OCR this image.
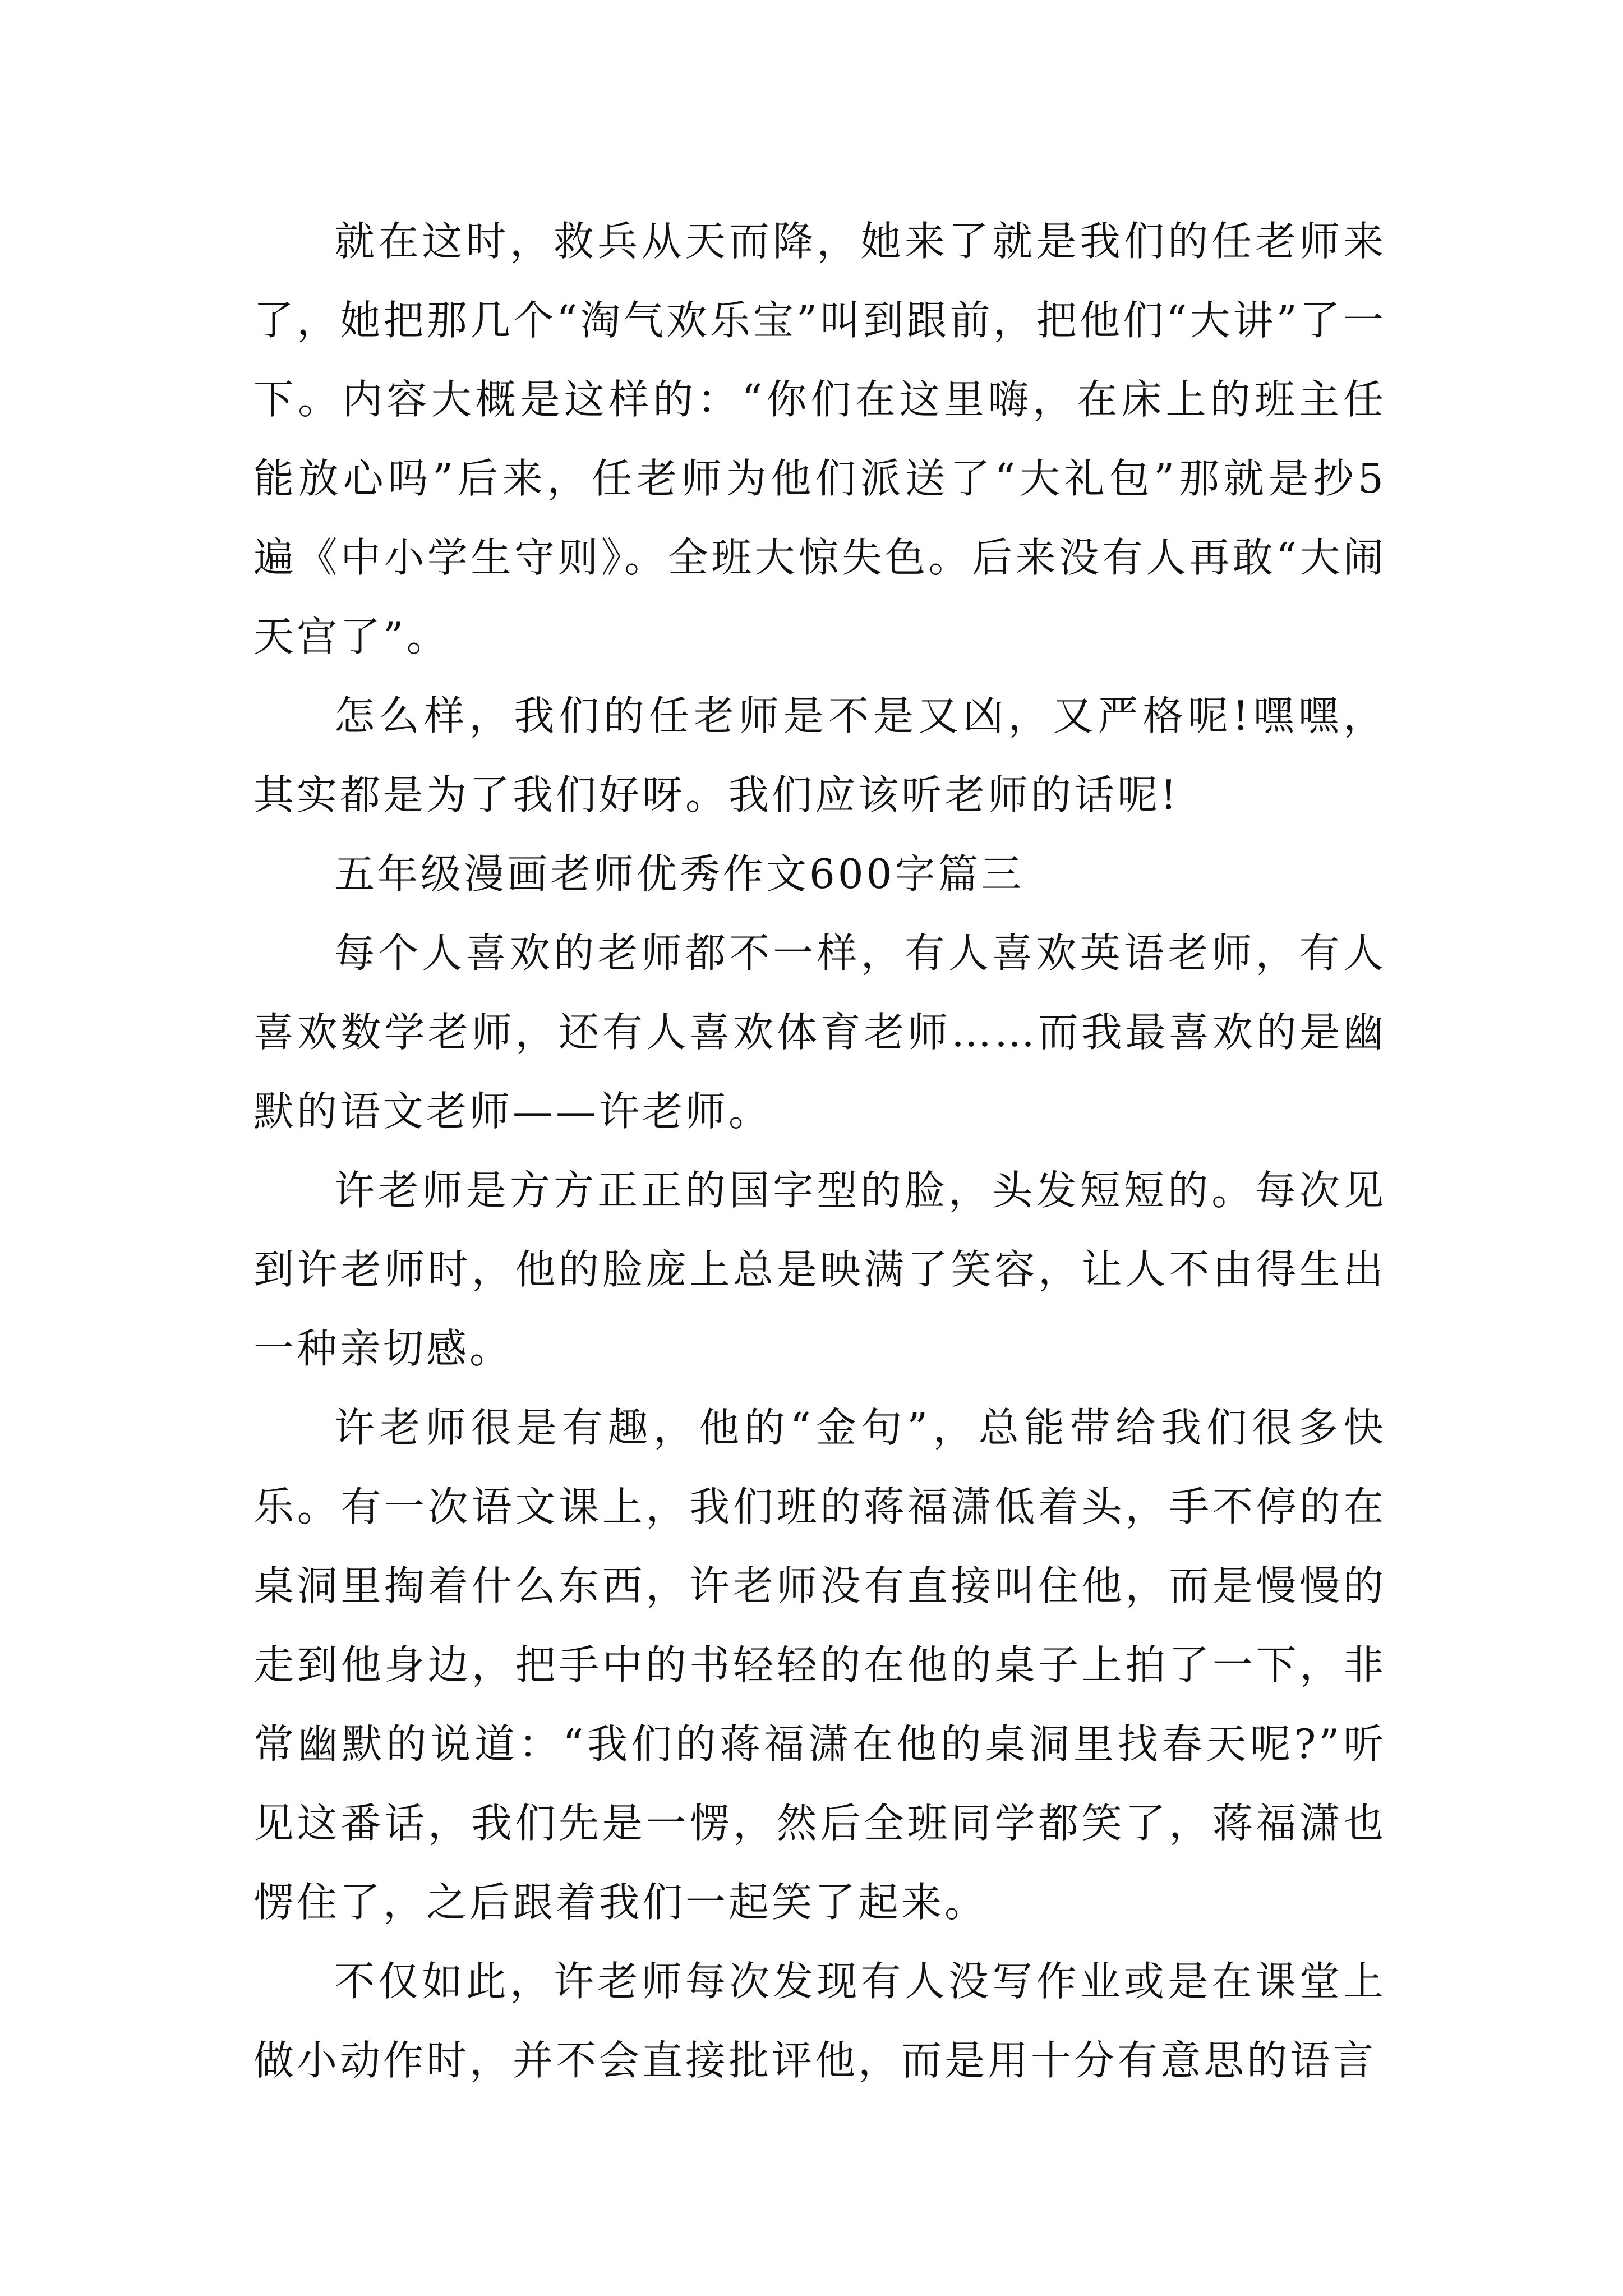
就在这时，救兵从天而降，她来了就是我们的任老师来了，她把那几个“淘气欢乐宝”叫到跟前，把他们“大讲”了一下。内容大概是这样的：“你们在这里嗨，在床上的班主任能放心吗”后来，任老师为他们派送了“大礼包”那就是抄5遍《中小学生守则》。全班大惊失色。后来没有人再敢“大闹天宫了”。

怎么样，我们的任老师是不是又凶，又严格呢!嘿嘿，其实都是为了我们好呀。我们应该听老师的话呢!

五年级漫画老师优秀作文600字篇三

每个人喜欢的老师都不一样，有人喜欢英语老师，有人喜欢数学老师，还有人喜欢体育老师……而我最喜欢的是幽默的语文老师——许老师。

许老师是方方正正的国字型的脸，头发短短的。每次见到许老师时，他的脸庞上总是映满了笑容，让人不由得生出一种亲切感。

许老师很是有趣，他的“金句”，总能带给我们很多快乐。有一次语文课上，我们班的蒋福潇低着头，手不停的在桌洞里掏着什么东西，许老师没有直接叫住他，而是慢慢的走到他身边，把手中的书轻轻的在他的桌子上拍了一下，非常幽默的说道：“我们的蒋福潇在他的桌洞里找春天呢?”听见这番话，我们先是一愣，然后全班同学都笑了，蒋福潇也愣住了，之后跟着我们一起笑了起来。

不仅如此，许老师每次发现有人没写作业或是在课堂上做小动作时，并不会直接批评他，而是用十分有意思的语言
